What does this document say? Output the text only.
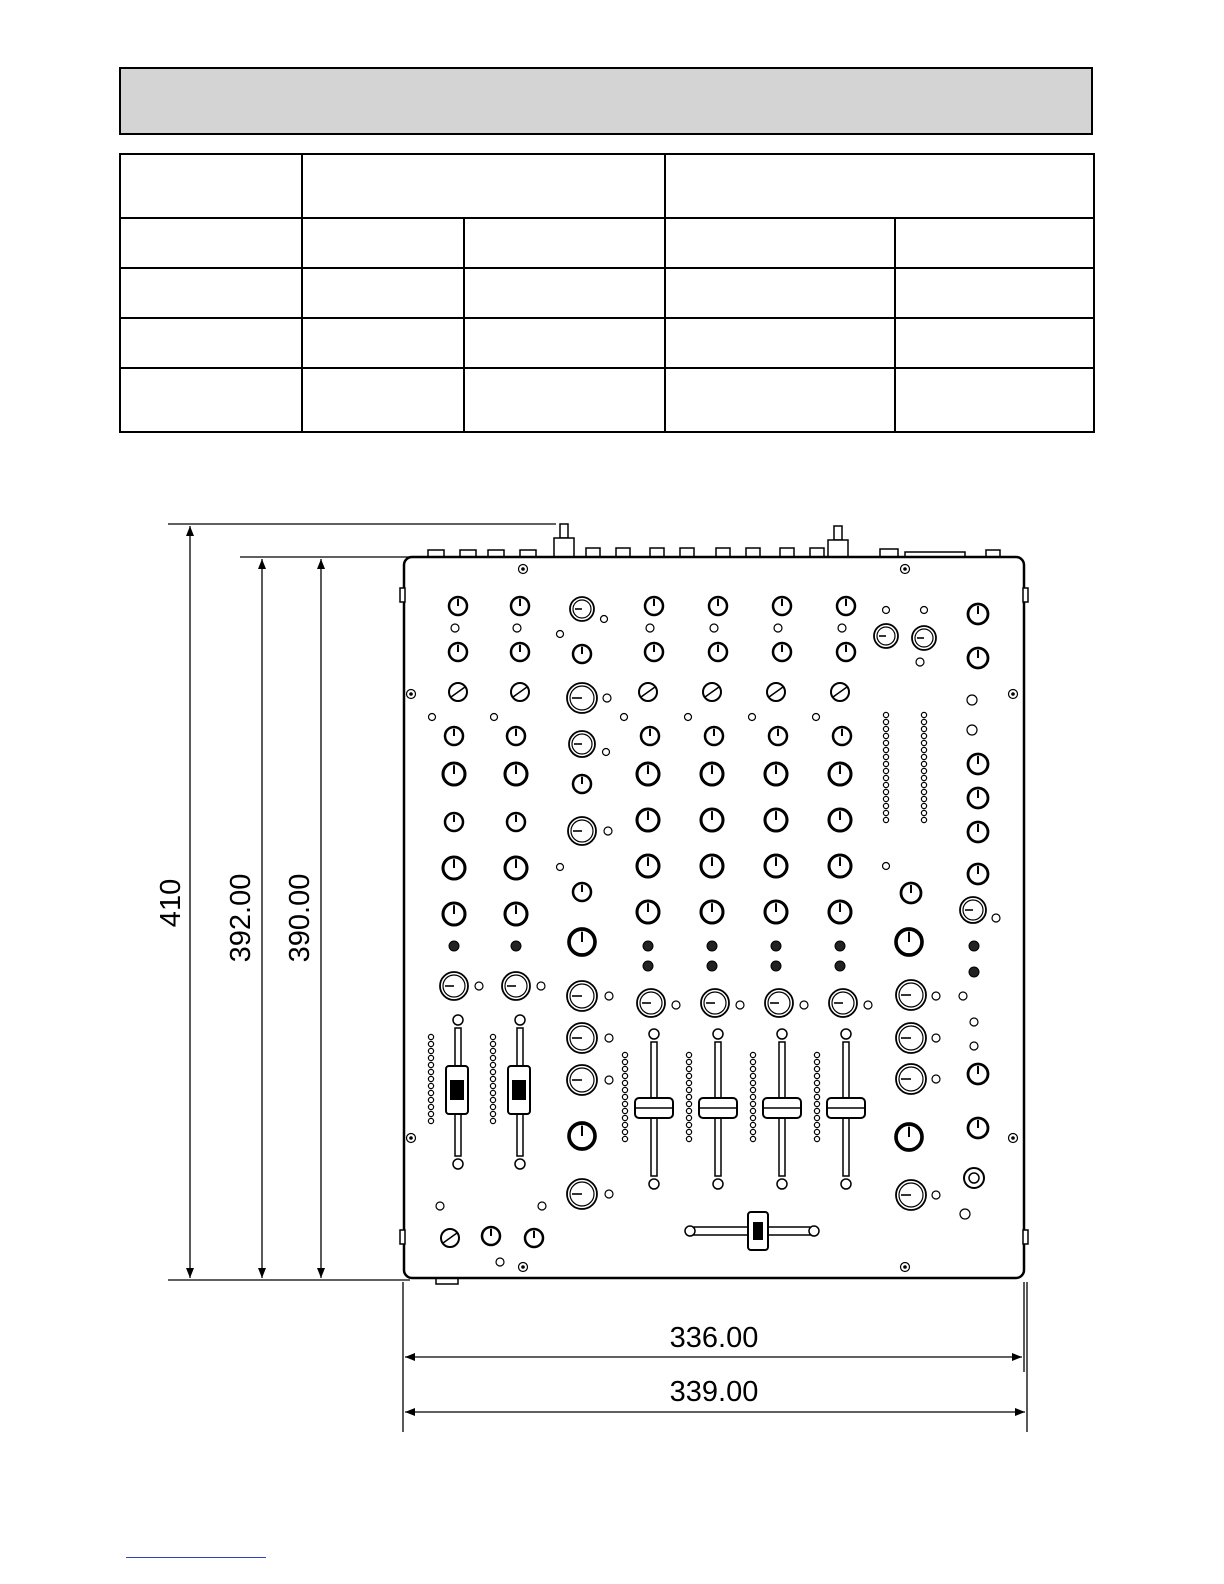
410 392.00 390.00
336.00
339.00
